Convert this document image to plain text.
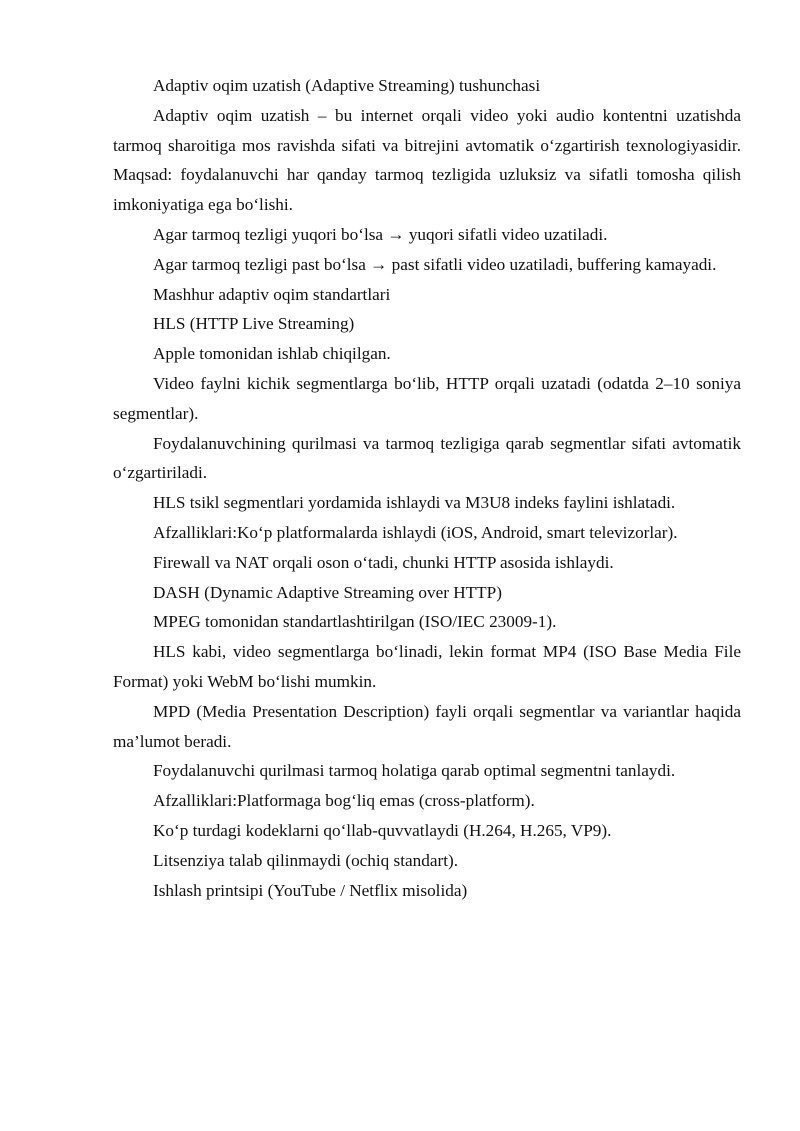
Adaptiv oqim uzatish (Adaptive Streaming) tushunchasi

Adaptiv oqim uzatish – bu internet orqali video yoki audio kontentni uzatishda tarmoq sharoitiga mos ravishda sifati va bitrejini avtomatik o‘zgartirish texnologiyasidir. Maqsad: foydalanuvchi har qanday tarmoq tezligida uzluksiz va sifatli tomosha qilish imkoniyatiga ega bo‘lishi.

Agar tarmoq tezligi yuqori bo‘lsa → yuqori sifatli video uzatiladi.

Agar tarmoq tezligi past bo‘lsa → past sifatli video uzatiladi, buffering kamayadi.

Mashhur adaptiv oqim standartlari

HLS (HTTP Live Streaming)

Apple tomonidan ishlab chiqilgan.

Video faylni kichik segmentlarga bo‘lib, HTTP orqali uzatadi (odatda 2–10 soniya segmentlar).

Foydalanuvchining qurilmasi va tarmoq tezligiga qarab segmentlar sifati avtomatik o‘zgartiriladi.

HLS tsikl segmentlari yordamida ishlaydi va M3U8 indeks faylini ishlatadi.

Afzalliklari:Ko‘p platformalarda ishlaydi (iOS, Android, smart televizorlar).

Firewall va NAT orqali oson o‘tadi, chunki HTTP asosida ishlaydi.

DASH (Dynamic Adaptive Streaming over HTTP)

MPEG tomonidan standartlashtirilgan (ISO/IEC 23009-1).

HLS kabi, video segmentlarga bo‘linadi, lekin format MP4 (ISO Base Media File Format) yoki WebM bo‘lishi mumkin.

MPD (Media Presentation Description) fayli orqali segmentlar va variantlar haqida ma’lumot beradi.

Foydalanuvchi qurilmasi tarmoq holatiga qarab optimal segmentni tanlaydi.

Afzalliklari:Platformaga bog‘liq emas (cross-platform).

Ko‘p turdagi kodeklarni qo‘llab-quvvatlaydi (H.264, H.265, VP9).

Litsenziya talab qilinmaydi (ochiq standart).

Ishlash printsipi (YouTube / Netflix misolida)
